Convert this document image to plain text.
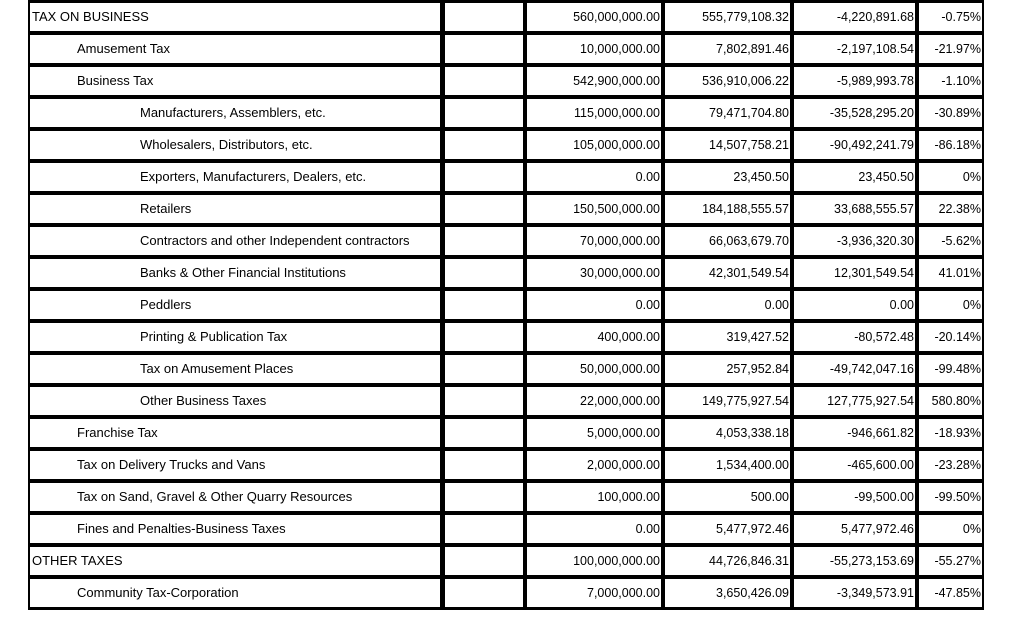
TAX ON BUSINESS	560,000,000.00	555,779,108.32	-4,220,891.68	-0.75%
Amusement Tax	10,000,000.00	7,802,891.46	-2,197,108.54	-21.97%
Business Tax	542,900,000.00	536,910,006.22	-5,989,993.78	-1.10%
Manufacturers, Assemblers, etc.	115,000,000.00	79,471,704.80	-35,528,295.20	-30.89%
Wholesalers, Distributors, etc.	105,000,000.00	14,507,758.21	-90,492,241.79	-86.18%
Exporters, Manufacturers, Dealers, etc.	0.00	23,450.50	23,450.50	0%
Retailers	150,500,000.00	184,188,555.57	33,688,555.57	22.38%
Contractors and other Independent contractors	70,000,000.00	66,063,679.70	-3,936,320.30	-5.62%
Banks & Other Financial Institutions	30,000,000.00	42,301,549.54	12,301,549.54	41.01%
Peddlers	0.00	0.00	0.00	0%
Printing & Publication Tax	400,000.00	319,427.52	-80,572.48	-20.14%
Tax on Amusement Places	50,000,000.00	257,952.84	-49,742,047.16	-99.48%
Other Business Taxes	22,000,000.00	149,775,927.54	127,775,927.54	580.80%
Franchise Tax	5,000,000.00	4,053,338.18	-946,661.82	-18.93%
Tax on Delivery Trucks and Vans	2,000,000.00	1,534,400.00	-465,600.00	-23.28%
Tax on Sand, Gravel & Other Quarry Resources	100,000.00	500.00	-99,500.00	-99.50%
Fines and Penalties-Business Taxes	0.00	5,477,972.46	5,477,972.46	0%
OTHER TAXES	100,000,000.00	44,726,846.31	-55,273,153.69	-55.27%
Community Tax-Corporation	7,000,000.00	3,650,426.09	-3,349,573.91	-47.85%
